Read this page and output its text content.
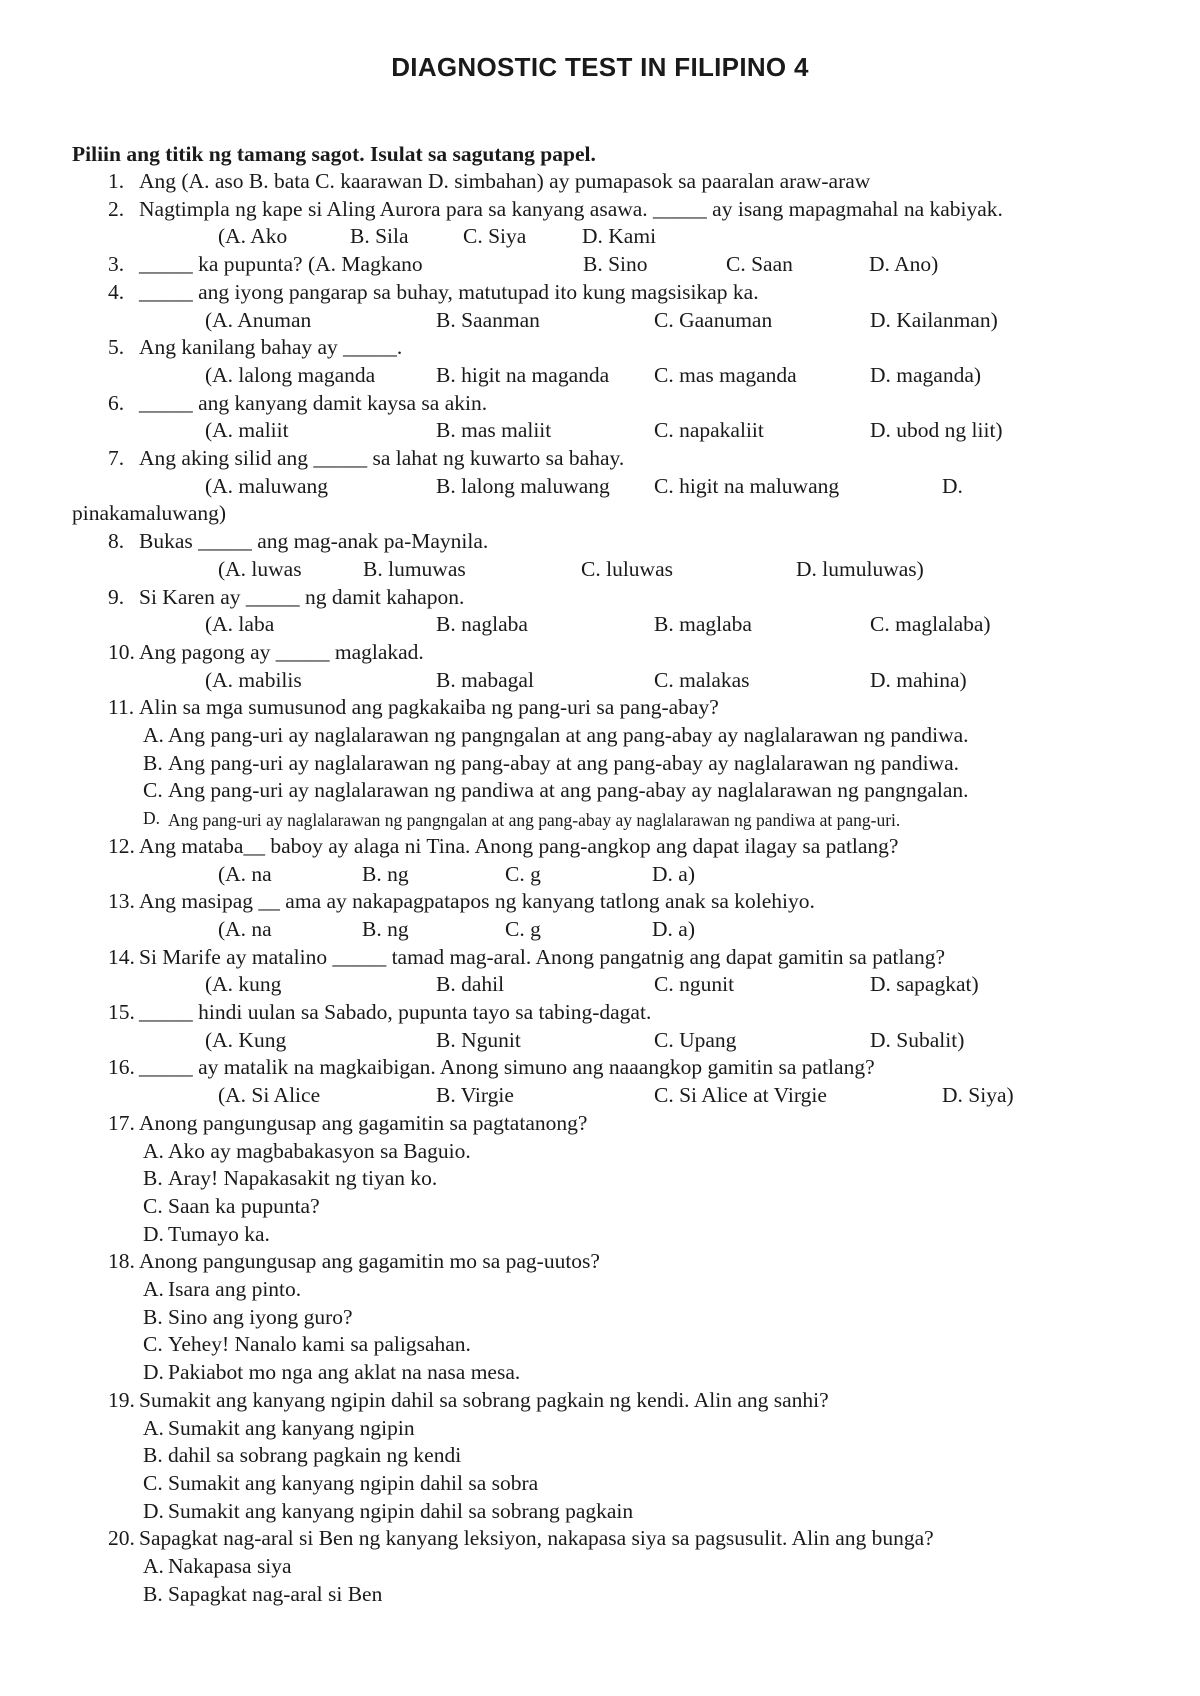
DIAGNOSTIC TEST IN FILIPINO 4
Piliin ang titik ng tamang sagot. Isulat sa sagutang papel.
1. Ang (A. aso B. bata C. kaarawan D. simbahan) ay pumapasok sa paaralan araw-araw
2. Nagtimpla ng kape si Aling Aurora para sa kanyang asawa. _____ ay isang mapagmahal na kabiyak.
(A. Ako	B. Sila	C. Siya	D. Kami
3. _____ ka pupunta? (A. Magkano	B. Sino	C. Saan	D. Ano)
4. _____ ang iyong pangarap sa buhay, matutupad ito kung magsisikap ka.
(A. Anuman	B. Saanman	C. Gaanuman	D. Kailanman)
5. Ang kanilang bahay ay _____.
(A. lalong maganda	B. higit na maganda C. mas maganda	D. maganda)
6. _____ ang kanyang damit kaysa sa akin.
(A. maliit	B. mas maliit	C. napakaliit	D. ubod ng liit)
7. Ang aking silid ang _____ sa lahat ng kuwarto sa bahay.
(A. maluwang	B. lalong maluwang C. higit na maluwang	D.
pinakamaluwang)
8. Bukas _____ ang mag-anak pa-Maynila.
(A. luwas	B. lumuwas	C. luluwas	D. lumuluwas)
9. Si Karen ay _____ ng damit kahapon.
(A. laba	B. naglaba	B. maglaba	C. maglalaba)
10. Ang pagong ay _____ maglakad.
(A. mabilis	B. mabagal	C. malakas	D. mahina)
11. Alin sa mga sumusunod ang pagkakaiba ng pang-uri sa pang-abay?
A. Ang pang-uri ay naglalarawan ng pangngalan at ang pang-abay ay naglalarawan ng pandiwa.
B. Ang pang-uri ay naglalarawan ng pang-abay at ang pang-abay ay naglalarawan ng pandiwa.
C. Ang pang-uri ay naglalarawan ng pandiwa at ang pang-abay ay naglalarawan ng pangngalan.
D. Ang pang-uri ay naglalarawan ng pangngalan at ang pang-abay ay naglalarawan ng pandiwa at pang-uri.
12. Ang mataba__ baboy ay alaga ni Tina. Anong pang-angkop ang dapat ilagay sa patlang?
(A. na	B. ng	C. g	D. a)
13. Ang masipag __ ama ay nakapagpatapos ng kanyang tatlong anak sa kolehiyo.
(A. na	B. ng	C. g	D. a)
14. Si Marife ay matalino _____ tamad mag-aral. Anong pangatnig ang dapat gamitin sa patlang?
(A. kung	B. dahil	C. ngunit	D. sapagkat)
15. _____ hindi uulan sa Sabado, pupunta tayo sa tabing-dagat.
(A. Kung	B. Ngunit	C. Upang	D. Subalit)
16. _____ ay matalik na magkaibigan. Anong simuno ang naaangkop gamitin sa patlang?
(A. Si Alice	B. Virgie	C. Si Alice at Virgie	D. Siya)
17. Anong pangungusap ang gagamitin sa pagtatanong?
A. Ako ay magbabakasyon sa Baguio.
B. Aray! Napakasakit ng tiyan ko.
C. Saan ka pupunta?
D. Tumayo ka.
18. Anong pangungusap ang gagamitin mo sa pag-uutos?
A. Isara ang pinto.
B. Sino ang iyong guro?
C. Yehey! Nanalo kami sa paligsahan.
D. Pakiabot mo nga ang aklat na nasa mesa.
19. Sumakit ang kanyang ngipin dahil sa sobrang pagkain ng kendi. Alin ang sanhi?
A. Sumakit ang kanyang ngipin
B. dahil sa sobrang pagkain ng kendi
C. Sumakit ang kanyang ngipin dahil sa sobra
D. Sumakit ang kanyang ngipin dahil sa sobrang pagkain
20. Sapagkat nag-aral si Ben ng kanyang leksiyon, nakapasa siya sa pagsusulit. Alin ang bunga?
A. Nakapasa siya
B. Sapagkat nag-aral si Ben
